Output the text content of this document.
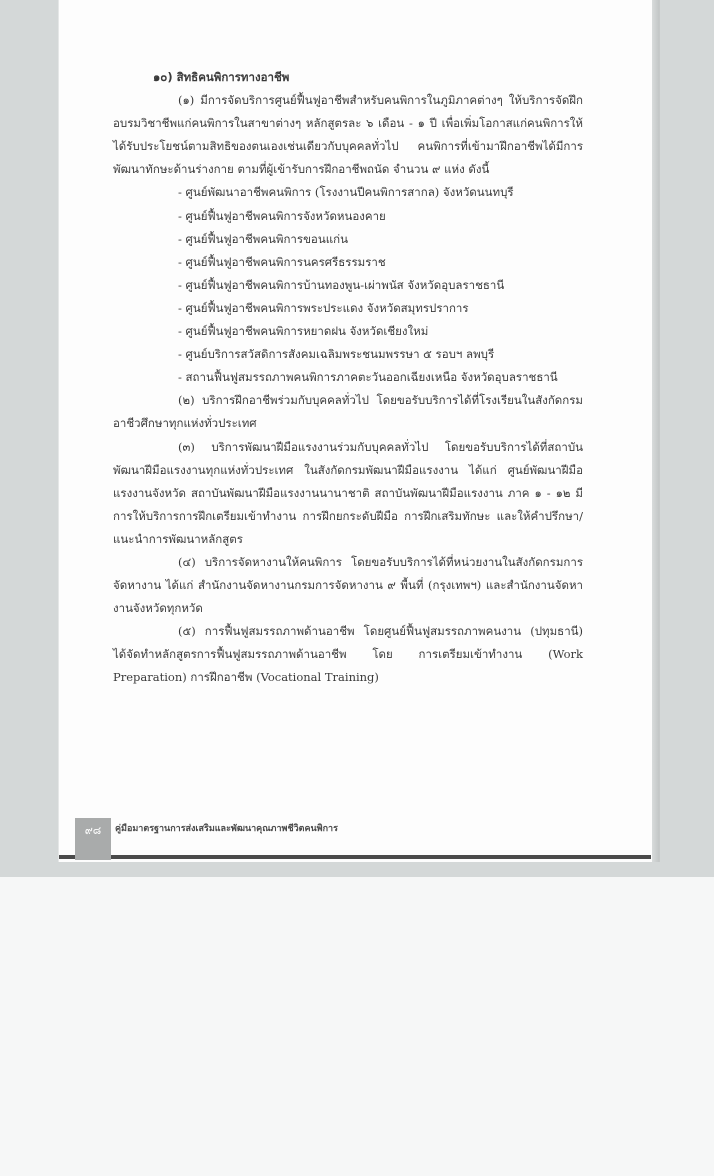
๑๐) สิทธิคนพิการทางอาชีพ

(๑) มีการจัดบริการศูนย์ฟื้นฟูอาชีพสำหรับคนพิการในภูมิภาคต่างๆ ให้บริการจัดฝึกอบรมวิชาชีพแก่คนพิการในสาขาต่างๆ หลักสูตรละ ๖ เดือน - ๑ ปี เพื่อเพิ่มโอกาสแก่คนพิการให้ได้รับประโยชน์ตามสิทธิของตนเองเช่นเดียวกับบุคคลทั่วไป คนพิการที่เข้ามาฝึกอาชีพได้มีการพัฒนาทักษะด้านร่างกาย ตามที่ผู้เข้ารับการฝึกอาชีพถนัด จำนวน ๙ แห่ง ดังนี้

- ศูนย์พัฒนาอาชีพคนพิการ (โรงงานปีคนพิการสากล) จังหวัดนนทบุรี
- ศูนย์ฟื้นฟูอาชีพคนพิการจังหวัดหนองคาย
- ศูนย์ฟื้นฟูอาชีพคนพิการขอนแก่น
- ศูนย์ฟื้นฟูอาชีพคนพิการนครศรีธรรมราช
- ศูนย์ฟื้นฟูอาชีพคนพิการบ้านทองพูน-เผ่าพนัส จังหวัดอุบลราชธานี
- ศูนย์ฟื้นฟูอาชีพคนพิการพระประแดง จังหวัดสมุทรปราการ
- ศูนย์ฟื้นฟูอาชีพคนพิการหยาดฝน จังหวัดเชียงใหม่
- ศูนย์บริการสวัสดิการสังคมเฉลิมพระชนมพรรษา ๕ รอบฯ ลพบุรี
- สถานฟื้นฟูสมรรถภาพคนพิการภาคตะวันออกเฉียงเหนือ จังหวัดอุบลราชธานี

(๒) บริการฝึกอาชีพร่วมกับบุคคลทั่วไป โดยขอรับบริการได้ที่โรงเรียนในสังกัดกรมอาชีวศึกษาทุกแห่งทั่วประเทศ

(๓) บริการพัฒนาฝีมือแรงงานร่วมกับบุคคลทั่วไป โดยขอรับบริการได้ที่สถาบันพัฒนาฝีมือแรงงานทุกแห่งทั่วประเทศ ในสังกัดกรมพัฒนาฝีมือแรงงาน ได้แก่ ศูนย์พัฒนาฝีมือแรงงานจังหวัด สถาบันพัฒนาฝีมือแรงงานนานาชาติ สถาบันพัฒนาฝีมือแรงงาน ภาค ๑ - ๑๒ มีการให้บริการการฝึกเตรียมเข้าทำงาน การฝึกยกระดับฝีมือ การฝึกเสริมทักษะ และให้คำปรึกษา/แนะนำการพัฒนาหลักสูตร

(๔) บริการจัดหางานให้คนพิการ โดยขอรับบริการได้ที่หน่วยงานในสังกัดกรมการจัดหางาน ได้แก่ สำนักงานจัดหางานกรมการจัดหางาน ๙ พื้นที่ (กรุงเทพฯ) และสำนักงานจัดหางานจังหวัดทุกหวัด

(๕) การฟื้นฟูสมรรถภาพด้านอาชีพ โดยศูนย์ฟื้นฟูสมรรถภาพคนงาน (ปทุมธานี) ได้จัดทำหลักสูตรการฟื้นฟูสมรรถภาพด้านอาชีพ โดย การเตรียมเข้าทำงาน (Work Preparation) การฝึกอาชีพ (Vocational Training)

๙๘	คู่มือมาตรฐานการส่งเสริมและพัฒนาคุณภาพชีวิตคนพิการ
